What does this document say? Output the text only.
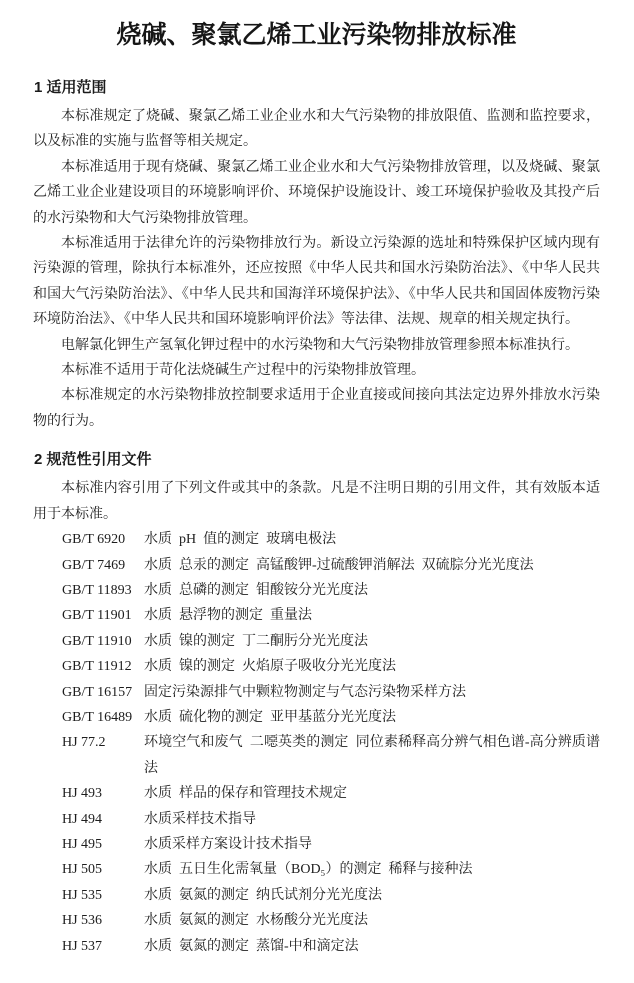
烧碱、聚氯乙烯工业污染物排放标准
1 适用范围

本标准规定了烧碱、聚氯乙烯工业企业水和大气污染物的排放限值、监测和监控要求，以及标准的实施与监督等相关规定。

本标准适用于现有烧碱、聚氯乙烯工业企业水和大气污染物排放管理，以及烧碱、聚氯乙烯工业企业建设项目的环境影响评价、环境保护设施设计、竣工环境保护验收及其投产后的水污染物和大气污染物排放管理。

本标准适用于法律允许的污染物排放行为。新设立污染源的选址和特殊保护区域内现有污染源的管理，除执行本标准外，还应按照《中华人民共和国水污染防治法》、《中华人民共和国大气污染防治法》、《中华人民共和国海洋环境保护法》、《中华人民共和国固体废物污染环境防治法》、《中华人民共和国环境影响评价法》等法律、法规、规章的相关规定执行。

电解氯化钾生产氢氧化钾过程中的水污染物和大气污染物排放管理参照本标准执行。

本标准不适用于苛化法烧碱生产过程中的污染物排放管理。

本标准规定的水污染物排放控制要求适用于企业直接或间接向其法定边界外排放水污染物的行为。

2 规范性引用文件

本标准内容引用了下列文件或其中的条款。凡是不注明日期的引用文件，其有效版本适用于本标准。

GB/T 6920	水质  pH  值的测定  玻璃电极法
GB/T 7469	水质  总汞的测定  高锰酸钾-过硫酸钾消解法  双硫腙分光光度法
GB/T 11893 水质  总磷的测定  钼酸铵分光光度法
GB/T 11901 水质  悬浮物的测定  重量法
GB/T 11910 水质  镍的测定  丁二酮肟分光光度法
GB/T 11912 水质  镍的测定  火焰原子吸收分光光度法
GB/T 16157 固定污染源排气中颗粒物测定与气态污染物采样方法
GB/T 16489 水质  硫化物的测定  亚甲基蓝分光光度法
HJ 77.2	环境空气和废气  二噁英类的测定  同位素稀释高分辨气相色谱-高分辨质谱法
HJ 493	水质  样品的保存和管理技术规定
HJ 494	水质采样技术指导
HJ 495	水质采样方案设计技术指导
HJ 505	水质  五日生化需氧量（BOD₅）的测定  稀释与接种法
HJ 535	水质  氨氮的测定  纳氏试剂分光光度法
HJ 536	水质  氨氮的测定  水杨酸分光光度法
HJ 537	水质  氨氮的测定  蒸馏-中和滴定法
